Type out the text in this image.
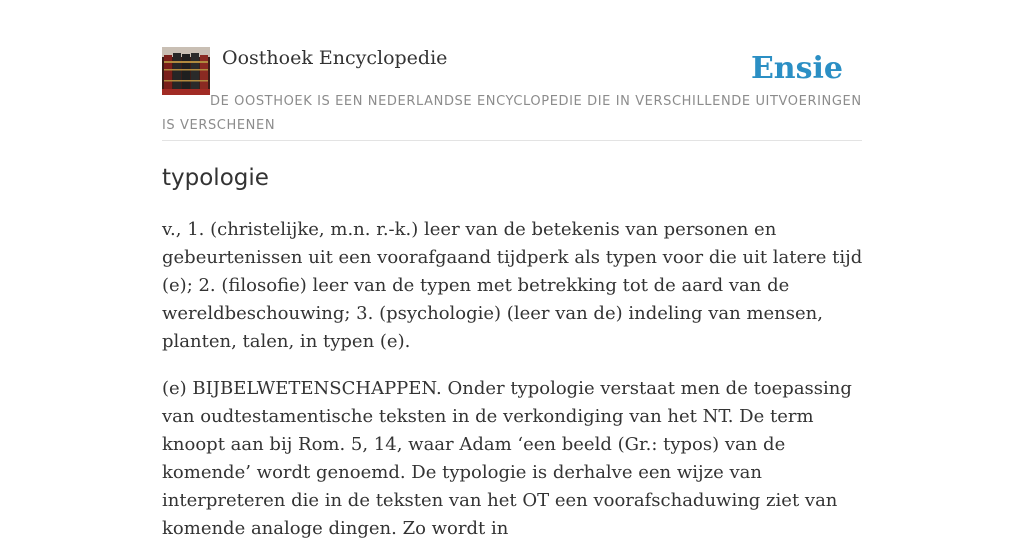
Oosthoek Encyclopedie	Ensie
DE OOSTHOEK IS EEN NEDERLANDSE ENCYCLOPEDIE DIE IN VERSCHILLENDE UITVOERINGEN IS VERSCHENEN
typologie

v., 1. (christelijke, m.n. r.-k.) leer van de betekenis van personen en gebeurtenissen uit een voorafgaand tijdperk als typen voor die uit latere tijd (e); 2. (filosofie) leer van de typen met betrekking tot de aard van de wereldbeschouwing; 3. (psychologie) (leer van de) indeling van mensen, planten, talen, in typen (e).

(e) BIJBELWETENSCHAPPEN. Onder typologie verstaat men de toepassing van oudtestamentische teksten in de verkondiging van het NT. De term knoopt aan bij Rom. 5, 14, waar Adam ‘een beeld (Gr.: typos) van de komende’ wordt genoemd. De typologie is derhalve een wijze van interpreteren die in de teksten van het OT een voorafschaduwing ziet van komende analoge dingen. Zo wordt in
